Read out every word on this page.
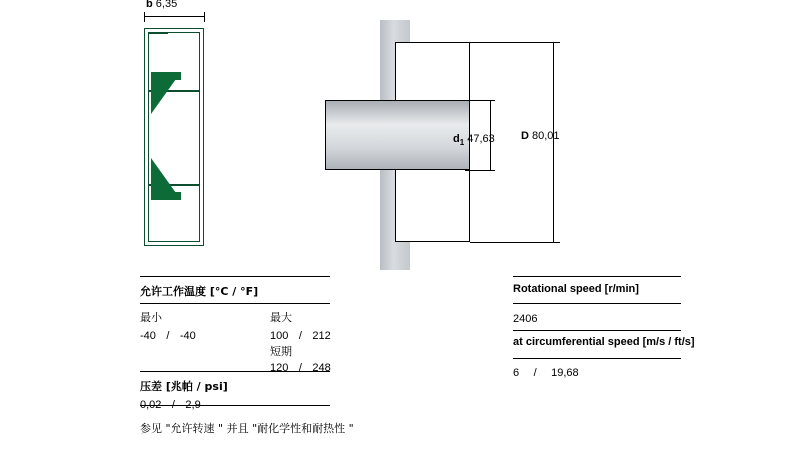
b 6,35
D 80,01
$d_1$ 47,63
允许工作温度 [°C / °F]
最小	最大
-40 / -40	100 / 212
短期
120 / 248
压差 [兆帕 / psi]
0,02 / 2,9
参见 "允许转速 " 并且 "耐化学性和耐热性 "
Rotational speed [r/min]
2406
at circumferential speed [m/s / ft/s]
6 / 19,68
